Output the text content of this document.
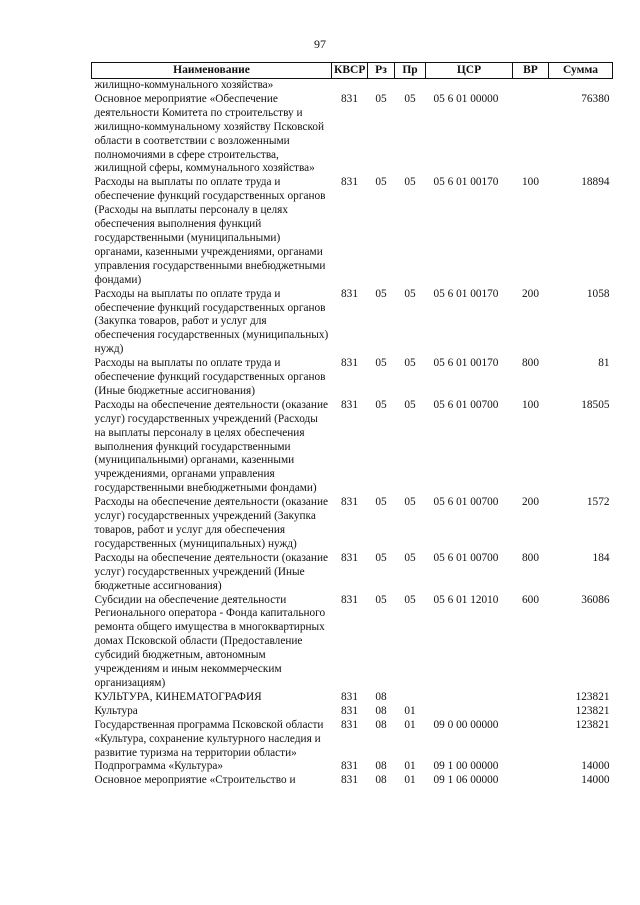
97
Наименование	КВСР	Рз	Пр	ЦСР	ВР	Сумма
жилищно-коммунального хозяйства»						
Основное мероприятие «Обеспечение деятельности Комитета по строительству и жилищно-коммунальному хозяйству Псковской области в соответствии с возложенными полномочиями в сфере строительства, жилищной сферы, коммунального хозяйства»	831	05	05	05 6 01 00000		76380
Расходы на выплаты по оплате труда и обеспечение функций государственных органов (Расходы на выплаты персоналу в целях обеспечения выполнения функций государственными (муниципальными) органами, казенными учреждениями, органами управления государственными внебюджетными фондами)	831	05	05	05 6 01 00170	100	18894
Расходы на выплаты по оплате труда и обеспечение функций государственных органов (Закупка товаров, работ и услуг для обеспечения государственных (муниципальных) нужд)	831	05	05	05 6 01 00170	200	1058
Расходы на выплаты по оплате труда и обеспечение функций государственных органов (Иные бюджетные ассигнования)	831	05	05	05 6 01 00170	800	81
Расходы на обеспечение деятельности (оказание услуг) государственных учреждений (Расходы на выплаты персоналу в целях обеспечения выполнения функций государственными (муниципальными) органами, казенными учреждениями, органами управления государственными внебюджетными фондами)	831	05	05	05 6 01 00700	100	18505
Расходы на обеспечение деятельности (оказание услуг) государственных учреждений (Закупка товаров, работ и услуг для обеспечения государственных (муниципальных) нужд)	831	05	05	05 6 01 00700	200	1572
Расходы на обеспечение деятельности (оказание услуг) государственных учреждений (Иные бюджетные ассигнования)	831	05	05	05 6 01 00700	800	184
Субсидии на обеспечение деятельности Регионального оператора - Фонда капитального ремонта общего имущества в многоквартирных домах Псковской области (Предоставление субсидий бюджетным, автономным учреждениям и иным некоммерческим организациям)	831	05	05	05 6 01 12010	600	36086
КУЛЬТУРА, КИНЕМАТОГРАФИЯ	831	08				123821
Культура	831	08	01			123821
Государственная программа Псковской области «Культура, сохранение культурного наследия и развитие туризма на территории области»	831	08	01	09 0 00 00000		123821
Подпрограмма «Культура»	831	08	01	09 1 00 00000		14000
Основное мероприятие «Строительство и	831	08	01	09 1 06 00000		14000
